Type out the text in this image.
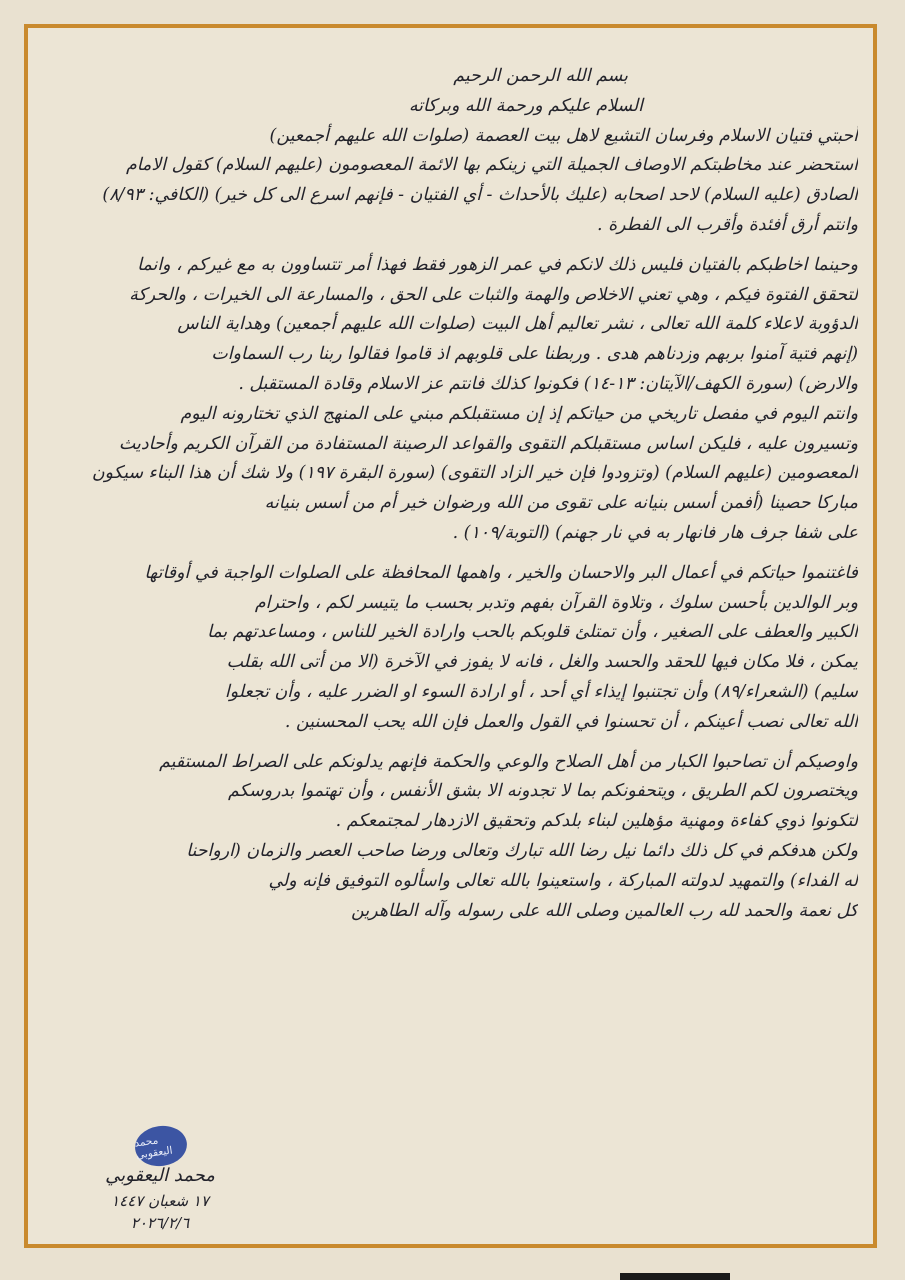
بسم الله الرحمن الرحيم
السلام عليكم ورحمة الله وبركاته
أحبتي فتيان الاسلام وفرسان التشيع لاهل بيت العصمة (صلوات الله عليهم أجمعين)
استحضر عند مخاطبتكم الاوصاف الجميلة التي زينكم بها الائمة المعصومون (عليهم السلام) كقول الامام
الصادق (عليه السلام) لاحد اصحابه (عليك بالأحداث - أي الفتيان - فإنهم اسرع الى كل خير) (الكافي: ٨/٩٣)
وانتم أرق أفئدة وأقرب الى الفطرة .
وحينما اخاطبكم بالفتيان فليس ذلك لانكم في عمر الزهور فقط فهذا أمر تتساوون به مع غيركم ، وانما
لتحقق الفتوة فيكم ، وهي تعني الاخلاص والهمة والثبات على الحق ، والمسارعة الى الخيرات ، والحركة
الدؤوبة لاعلاء كلمة الله تعالى ، نشر تعاليم أهل البيت (صلوات الله عليهم أجمعين) وهداية الناس
(إنهم فتية آمنوا بربهم وزدناهم هدى . وربطنا على قلوبهم اذ قاموا فقالوا ربنا رب السماوات
والارض) (سورة الكهف/الآيتان: ١٣-١٤) فكونوا كذلك فانتم عز الاسلام وقادة المستقبل .
وانتم اليوم في مفصل تاريخي من حياتكم إذ إن مستقبلكم مبني على المنهج الذي تختارونه اليوم
وتسيرون عليه ، فليكن اساس مستقبلكم التقوى والقواعد الرصينة المستفادة من القرآن الكريم وأحاديث
المعصومين (عليهم السلام) (وتزودوا فإن خير الزاد التقوى) (سورة البقرة ١٩٧) ولا شك أن هذا البناء سيكون
مباركا حصينا (أفمن أسس بنيانه على تقوى من الله ورضوان خير أم من أسس بنيانه
على شفا جرف هار فانهار به في نار جهنم) (التوبة/١٠٩) .
فاغتنموا حياتكم في أعمال البر والاحسان والخير ، واهمها المحافظة على الصلوات الواجبة في أوقاتها
وبر الوالدين بأحسن سلوك ، وتلاوة القرآن بفهم وتدبر بحسب ما يتيسر لكم ، واحترام
الكبير والعطف على الصغير ، وأن تمتلئ قلوبكم بالحب وارادة الخير للناس ، ومساعدتهم بما
يمكن ، فلا مكان فيها للحقد والحسد والغل ، فانه لا يفوز في الآخرة (الا من أتى الله بقلب
سليم) (الشعراء/٨٩) وأن تجتنبوا إيذاء أي أحد ، أو ارادة السوء او الضرر عليه ، وأن تجعلوا
الله تعالى نصب أعينكم ، أن تحسنوا في القول والعمل فإن الله يحب المحسنين .
واوصيكم أن تصاحبوا الكبار من أهل الصلاح والوعي والحكمة فإنهم يدلونكم على الصراط المستقيم
ويختصرون لكم الطريق ، ويتحفونكم بما لا تجدونه الا بشق الأنفس ، وأن تهتموا بدروسكم
لتكونوا ذوي كفاءة ومهنية مؤهلين لبناء بلدكم وتحقيق الازدهار لمجتمعكم .
ولكن هدفكم في كل ذلك دائما نيل رضا الله تبارك وتعالى ورضا صاحب العصر والزمان (ارواحنا
له الفداء) والتمهيد لدولته المباركة ، واستعينوا بالله تعالى واسألوه التوفيق فإنه ولي
كل نعمة والحمد لله رب العالمين وصلى الله على رسوله وآله الطاهرين
محمد اليعقوبي
محمد اليعقوبي
١٧ شعبان ١٤٤٧
٢٠٢٦/٢/٦
